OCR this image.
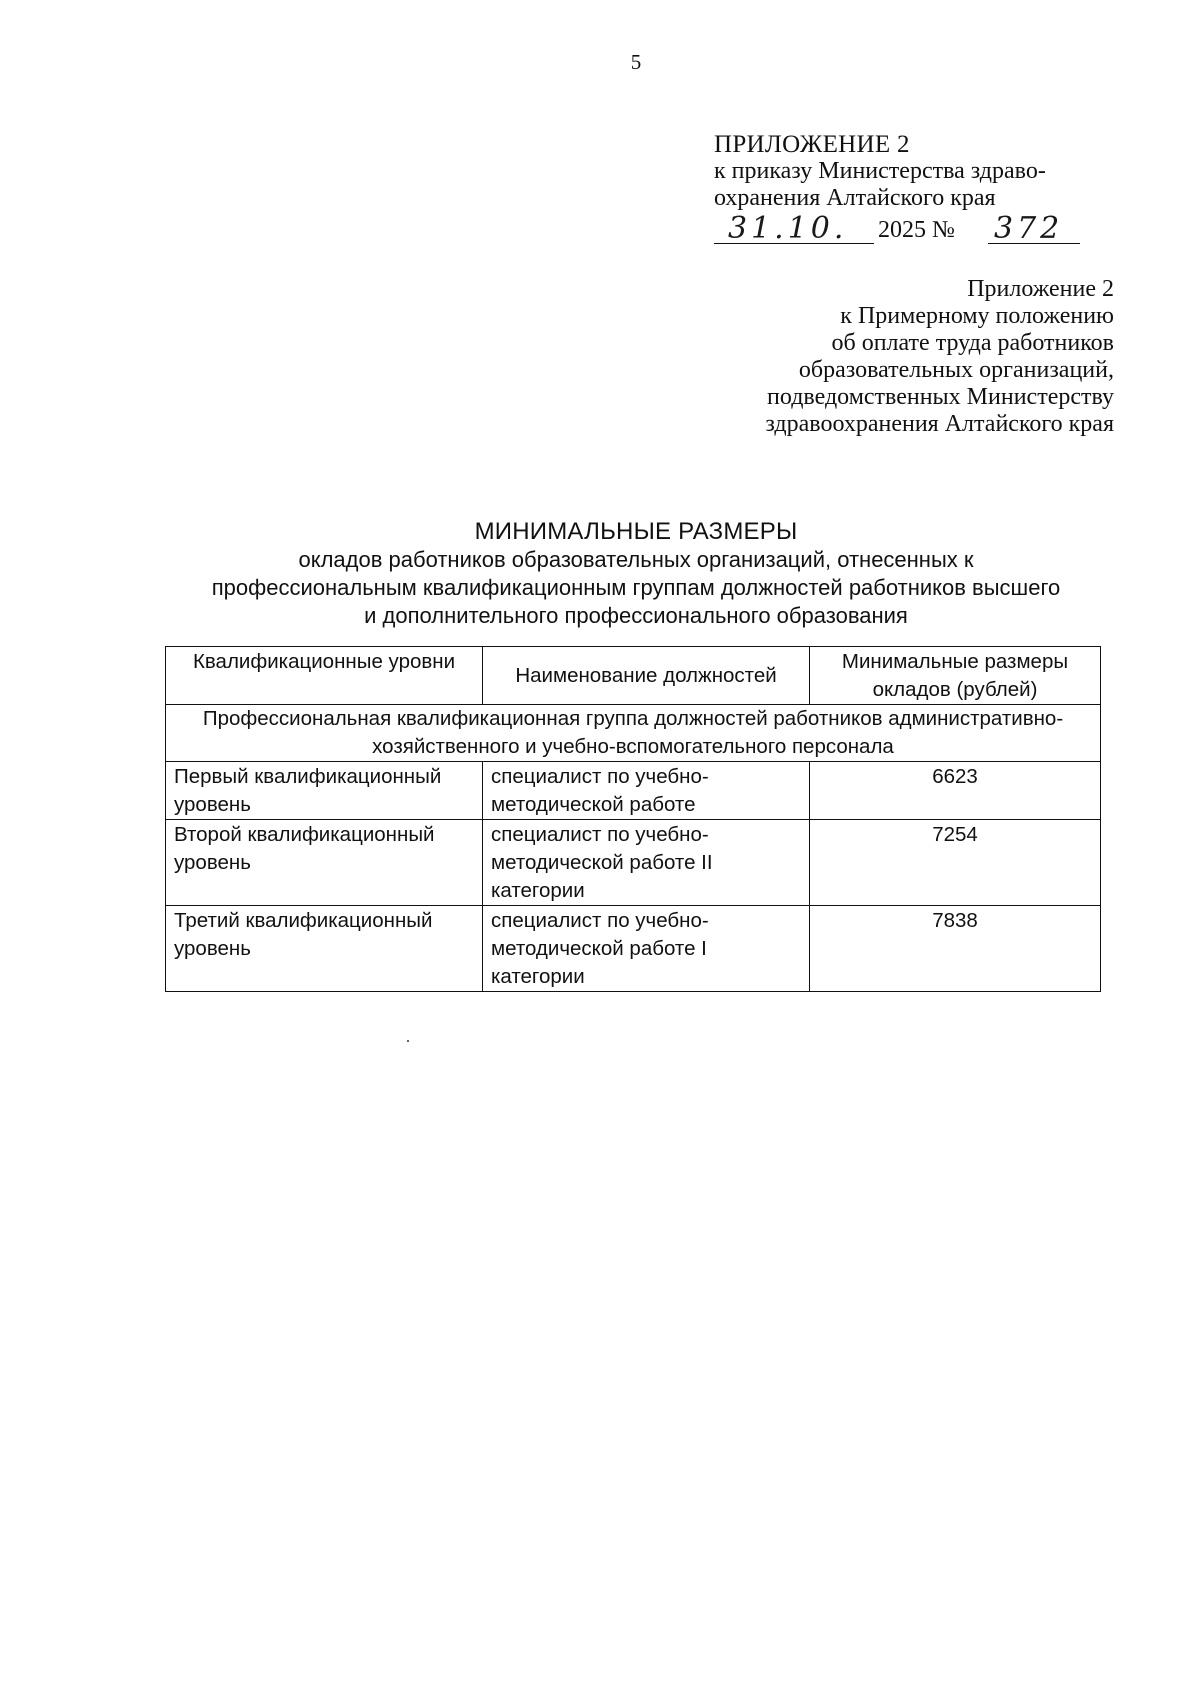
5
ПРИЛОЖЕНИЕ 2
к приказу Министерства здраво-
охранения Алтайского края
31.10. 2025 № 372
Приложение 2
к Примерному положению
об оплате труда работников
образовательных организаций,
подведомственных Министерству
здравоохранения Алтайского края
МИНИМАЛЬНЫЕ РАЗМЕРЫ
окладов работников образовательных организаций, отнесенных к
профессиональным квалификационным группам должностей работников высшего
и дополнительного профессионального образования
Квалификационные уровни	Наименование должностей	Минимальные размеры окладов (рублей)
Профессиональная квалификационная группа должностей работников административно-хозяйственного и учебно-вспомогательного персонала		
Первый квалификационный уровень	специалист по учебно-методической работе	6623
Второй квалификационный уровень	специалист по учебно-методической работе II категории	7254
Третий квалификационный уровень	специалист по учебно-методической работе I категории	7838
